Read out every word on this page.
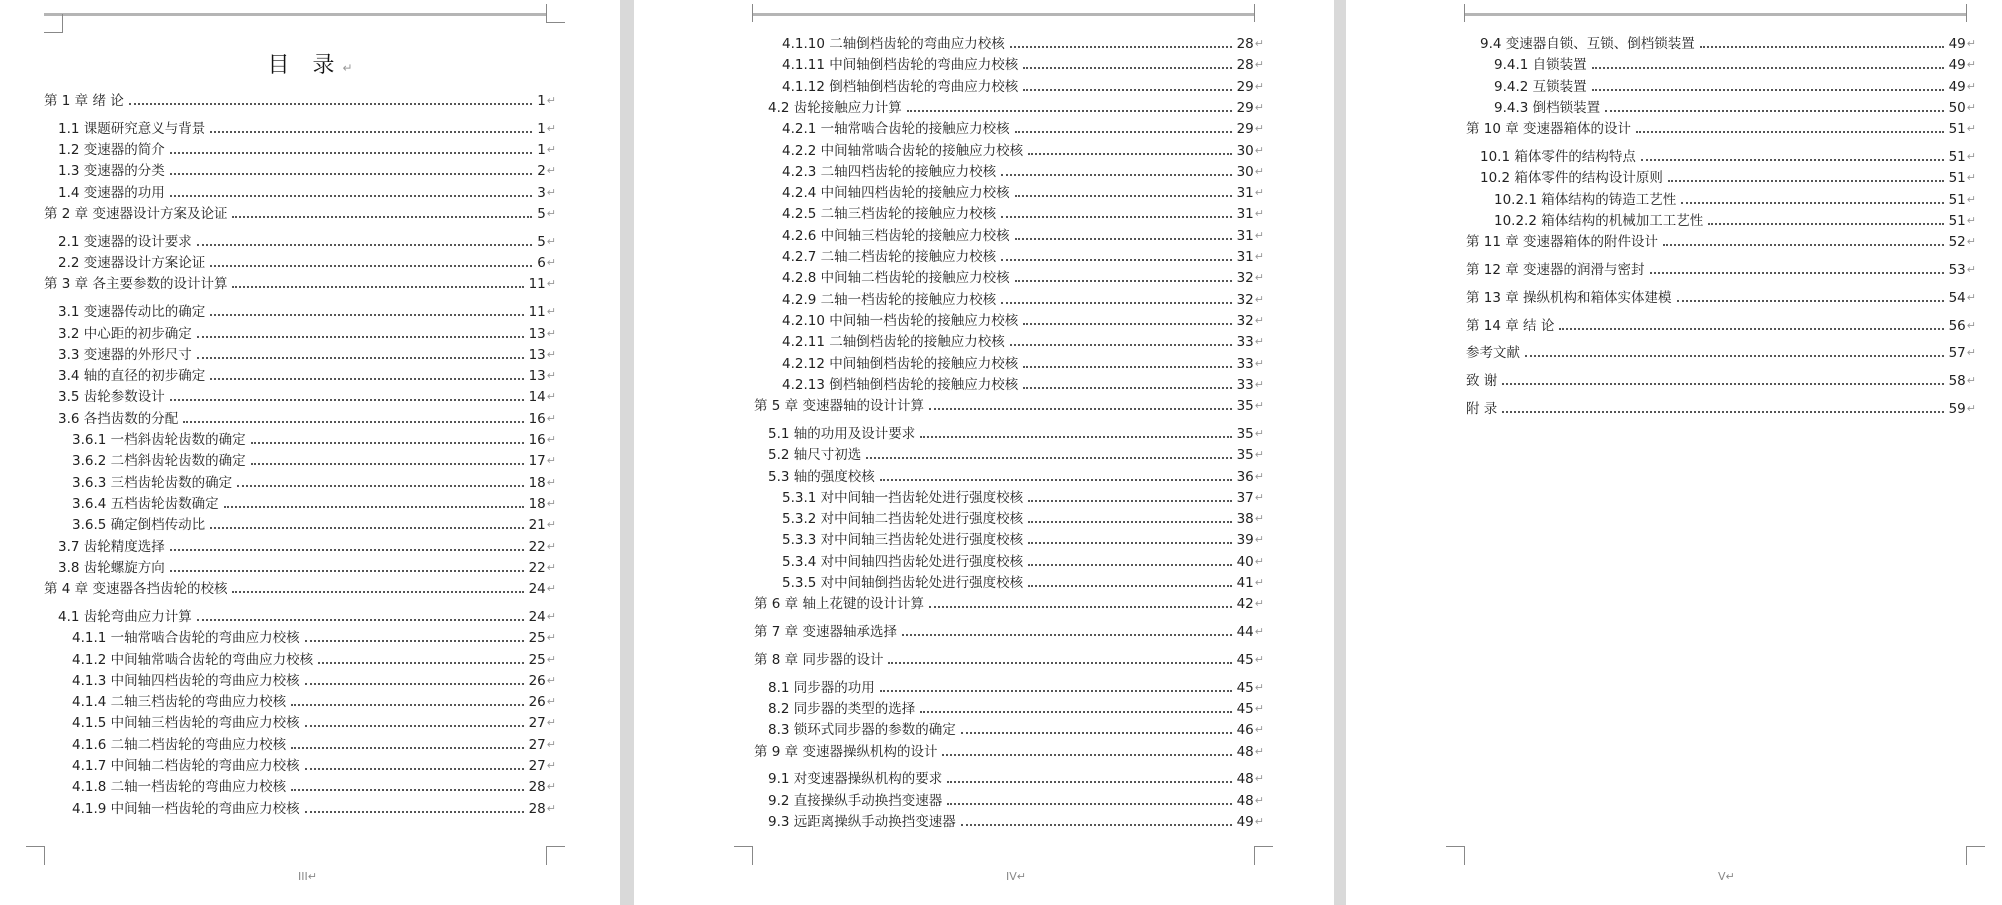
目 录↵
第 1 章 绪 论	1 ↵
1.1 课题研究意义与背景	1 ↵
1.2 变速器的简介	1 ↵
1.3 变速器的分类	2 ↵
1.4 变速器的功用	3 ↵
第 2 章 变速器设计方案及论证	5 ↵
2.1 变速器的设计要求	5 ↵
2.2 变速器设计方案论证	6 ↵
第 3 章 各主要参数的设计计算	11 ↵
3.1 变速器传动比的确定	11 ↵
3.2 中心距的初步确定	13 ↵
3.3 变速器的外形尺寸	13 ↵
3.4 轴的直径的初步确定	13 ↵
3.5 齿轮参数设计	14 ↵
3.6 各挡齿数的分配	16 ↵
3.6.1 一档斜齿轮齿数的确定	16 ↵
3.6.2 二档斜齿轮齿数的确定	17 ↵
3.6.3 三档齿轮齿数的确定	18 ↵
3.6.4 五档齿轮齿数确定	18 ↵
3.6.5 确定倒档传动比	21 ↵
3.7 齿轮精度选择	22 ↵
3.8 齿轮螺旋方向	22 ↵
第 4 章 变速器各挡齿轮的校核	24 ↵
4.1 齿轮弯曲应力计算	24 ↵
4.1.1 一轴常啮合齿轮的弯曲应力校核	25 ↵
4.1.2 中间轴常啮合齿轮的弯曲应力校核	25 ↵
4.1.3 中间轴四档齿轮的弯曲应力校核	26 ↵
4.1.4 二轴三档齿轮的弯曲应力校核	26 ↵
4.1.5 中间轴三档齿轮的弯曲应力校核	27 ↵
4.1.6 二轴二档齿轮的弯曲应力校核	27 ↵
4.1.7 中间轴二档齿轮的弯曲应力校核	27 ↵
4.1.8 二轴一档齿轮的弯曲应力校核	28 ↵
4.1.9 中间轴一档齿轮的弯曲应力校核	28 ↵
III↵
4.1.10 二轴倒档齿轮的弯曲应力校核	28 ↵
4.1.11 中间轴倒档齿轮的弯曲应力校核	28 ↵
4.1.12 倒档轴倒档齿轮的弯曲应力校核	29 ↵
4.2 齿轮接触应力计算	29 ↵
4.2.1 一轴常啮合齿轮的接触应力校核	29 ↵
4.2.2 中间轴常啮合齿轮的接触应力校核	30 ↵
4.2.3 二轴四档齿轮的接触应力校核	30 ↵
4.2.4 中间轴四档齿轮的接触应力校核	31 ↵
4.2.5 二轴三档齿轮的接触应力校核	31 ↵
4.2.6 中间轴三档齿轮的接触应力校核	31 ↵
4.2.7 二轴二档齿轮的接触应力校核	31 ↵
4.2.8 中间轴二档齿轮的接触应力校核	32 ↵
4.2.9 二轴一档齿轮的接触应力校核	32 ↵
4.2.10 中间轴一档齿轮的接触应力校核	32 ↵
4.2.11 二轴倒档齿轮的接触应力校核	33 ↵
4.2.12 中间轴倒档齿轮的接触应力校核	33 ↵
4.2.13 倒档轴倒档齿轮的接触应力校核	33 ↵
第 5 章 变速器轴的设计计算	35 ↵
5.1 轴的功用及设计要求	35 ↵
5.2 轴尺寸初选	35 ↵
5.3 轴的强度校核	36 ↵
5.3.1 对中间轴一挡齿轮处进行强度校核	37 ↵
5.3.2 对中间轴二挡齿轮处进行强度校核	38 ↵
5.3.3 对中间轴三挡齿轮处进行强度校核	39 ↵
5.3.4 对中间轴四挡齿轮处进行强度校核	40 ↵
5.3.5 对中间轴倒挡齿轮处进行强度校核	41 ↵
第 6 章 轴上花键的设计计算	42 ↵
第 7 章 变速器轴承选择	44 ↵
第 8 章 同步器的设计	45 ↵
8.1 同步器的功用	45 ↵
8.2 同步器的类型的选择	45 ↵
8.3 锁环式同步器的参数的确定	46 ↵
第 9 章 变速器操纵机构的设计	48 ↵
9.1 对变速器操纵机构的要求	48 ↵
9.2 直接操纵手动换挡变速器	48 ↵
9.3 远距离操纵手动换挡变速器	49 ↵
IV↵
9.4 变速器自锁、互锁、倒档锁装置	49 ↵
9.4.1 自锁装置	49 ↵
9.4.2 互锁装置	49 ↵
9.4.3 倒档锁装置	50 ↵
第 10 章 变速器箱体的设计	51 ↵
10.1 箱体零件的结构特点	51 ↵
10.2 箱体零件的结构设计原则	51 ↵
10.2.1 箱体结构的铸造工艺性	51 ↵
10.2.2 箱体结构的机械加工工艺性	51 ↵
第 11 章 变速器箱体的附件设计	52 ↵
第 12 章 变速器的润滑与密封	53 ↵
第 13 章 操纵机构和箱体实体建模	54 ↵
第 14 章 结 论	56 ↵
参考文献	57 ↵
致 谢	58 ↵
附 录	59 ↵
V↵
